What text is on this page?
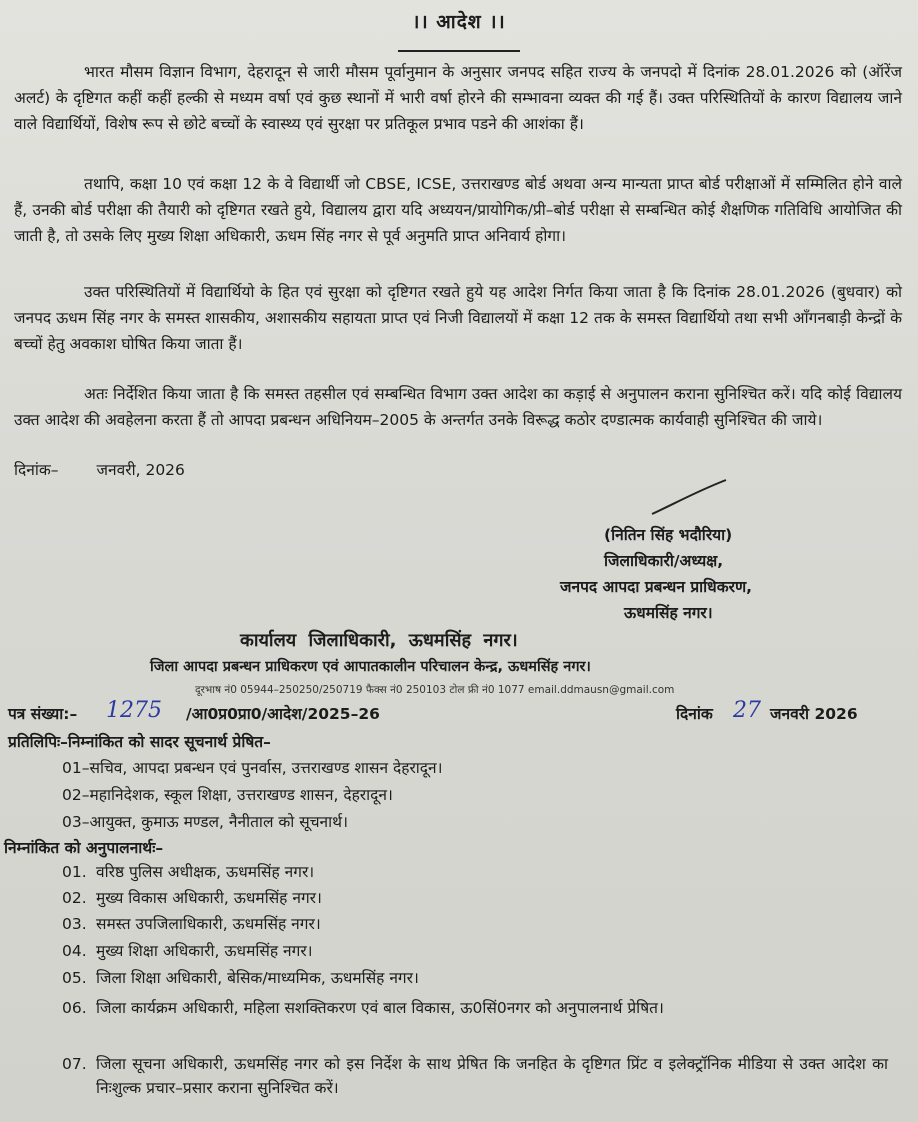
।। आदेश ।।

भारत मौसम विज्ञान विभाग, देहरादून से जारी मौसम पूर्वानुमान के अनुसार जनपद सहित राज्य के जनपदो में दिनांक 28.01.2026 को (ऑरेंज अलर्ट) के दृष्टिगत कहीं कहीं हल्की से मध्यम वर्षा एवं कुछ स्थानों में भारी वर्षा होरने की सम्भावना व्यक्त की गई हैं। उक्त परिस्थितियों के कारण विद्यालय जाने वाले विद्यार्थियों, विशेष रूप से छोटे बच्चों के स्वास्थ्य एवं सुरक्षा पर प्रतिकूल प्रभाव पडने की आशंका हैं।

तथापि, कक्षा 10 एवं कक्षा 12 के वे विद्यार्थी जो CBSE, ICSE, उत्तराखण्ड बोर्ड अथवा अन्य मान्यता प्राप्त बोर्ड परीक्षाओं में सम्मिलित होने वाले हैं, उनकी बोर्ड परीक्षा की तैयारी को दृष्टिगत रखते हुये, विद्यालय द्वारा यदि अध्ययन/प्रायोगिक/प्री–बोर्ड परीक्षा से सम्बन्धित कोई शैक्षणिक गतिविधि आयोजित की जाती है, तो उसके लिए मुख्य शिक्षा अधिकारी, ऊधम सिंह नगर से पूर्व अनुमति प्राप्त अनिवार्य होगा।

उक्त परिस्थितियों में विद्यार्थियो के हित एवं सुरक्षा को दृष्टिगत रखते हुये यह आदेश निर्गत किया जाता है कि दिनांक 28.01.2026 (बुधवार) को जनपद ऊधम सिंह नगर के समस्त शासकीय, अशासकीय सहायता प्राप्त एवं निजी विद्यालयों में कक्षा 12 तक के समस्त विद्यार्थियो तथा सभी आँगनबाड़ी केन्द्रों के बच्चों हेतु अवकाश घोषित किया जाता हैं।

अतः निर्देशित किया जाता है कि समस्त तहसील एवं सम्बन्धित विभाग उक्त आदेश का कड़ाई से अनुपालन कराना सुनिश्चित करें। यदि कोई विद्यालय उक्त आदेश की अवहेलना करता हैं तो आपदा प्रबन्धन अधिनियम–2005 के अन्तर्गत उनके विरूद्ध कठोर दण्डात्मक कार्यवाही सुनिश्चित की जाये।

दिनांक– जनवरी, 2026
(नितिन सिंह भदौरिया)
जिलाधिकारी/अध्यक्ष,
जनपद आपदा प्रबन्धन प्राधिकरण,
ऊधमसिंह नगर।
कार्यालय जिलाधिकारी, ऊधमसिंह नगर।
जिला आपदा प्रबन्धन प्राधिकरण एवं आपातकालीन परिचालन केन्द्र, ऊधमसिंह नगर।
दूरभाष नं0 05944–250250/250719 फैक्स नं0 250103 टोल फ्री नं0 1077 email.ddmausn@gmail.com
पत्र संख्या:– 1275 /आ0प्र0प्रा0/आदेश/2025–26	दिनांक 27 जनवरी 2026
प्रतिलिपिः–निम्नांकित को सादर सूचनार्थ प्रेषित–
01–सचिव, आपदा प्रबन्धन एवं पुनर्वास, उत्तराखण्ड शासन देहरादून।
02–महानिदेशक, स्कूल शिक्षा, उत्तराखण्ड शासन, देहरादून।
03–आयुक्त, कुमाऊ मण्डल, नैनीताल को सूचनार्थ।
निम्नांकित को अनुपालनार्थः–
01. वरिष्ठ पुलिस अधीक्षक, ऊधमसिंह नगर।
02. मुख्य विकास अधिकारी, ऊधमसिंह नगर।
03. समस्त उपजिलाधिकारी, ऊधमसिंह नगर।
04. मुख्य शिक्षा अधिकारी, ऊधमसिंह नगर।
05. जिला शिक्षा अधिकारी, बेसिक/माध्यमिक, ऊधमसिंह नगर।
06. जिला कार्यक्रम अधिकारी, महिला सशक्तिकरण एवं बाल विकास, ऊ0सिं0नगर को अनुपालनार्थ प्रेषित।
07. जिला सूचना अधिकारी, ऊधमसिंह नगर को इस निर्देश के साथ प्रेषित कि जनहित के दृष्टिगत प्रिंट व इलेक्ट्रॉनिक मीडिया से उक्त आदेश का निःशुल्क प्रचार–प्रसार कराना सुनिश्चित करें।
